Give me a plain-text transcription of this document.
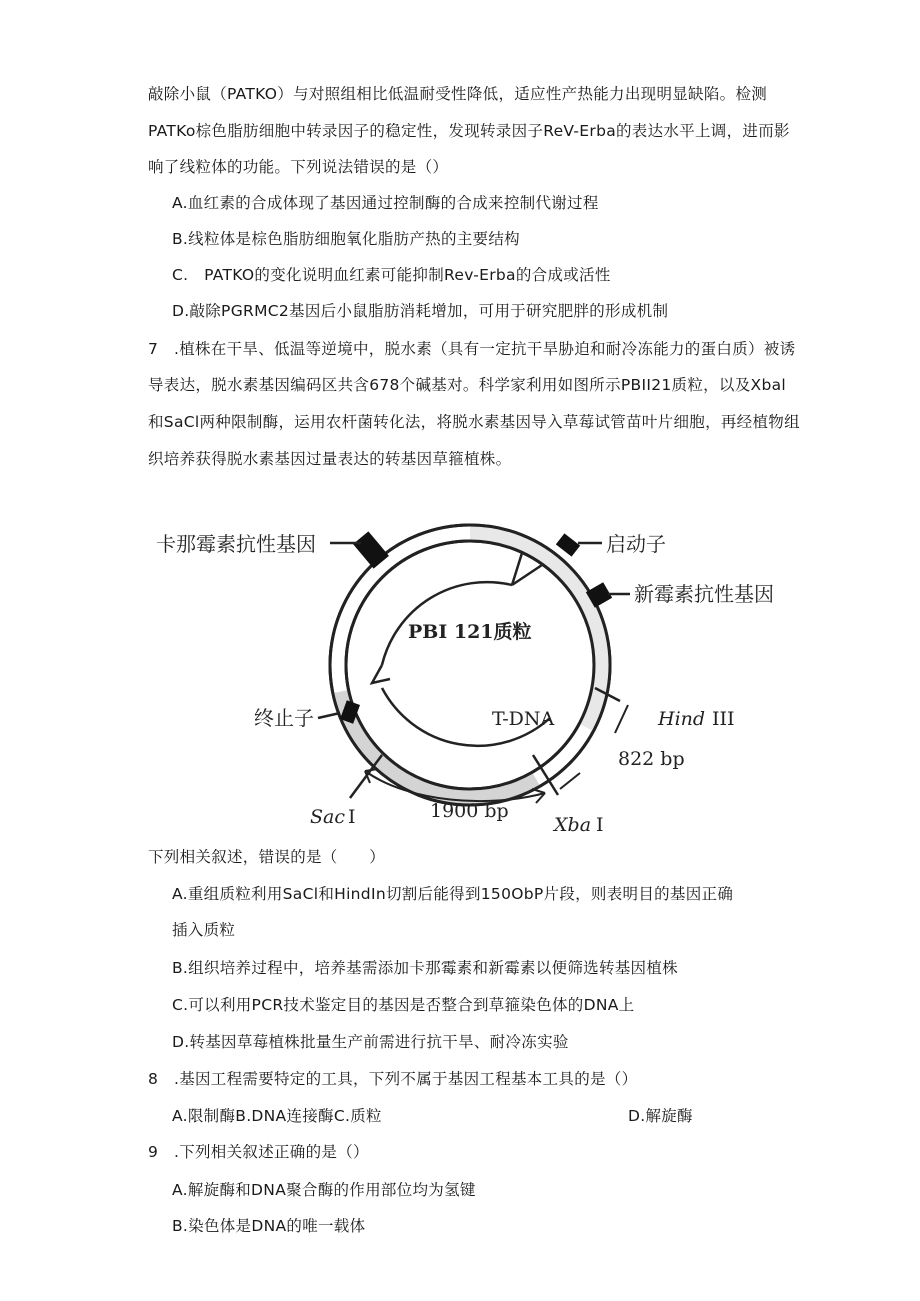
敲除小鼠（PATKO）与对照组相比低温耐受性降低，适应性产热能力出现明显缺陷。检测
PATKo棕色脂肪细胞中转录因子的稳定性，发现转录因子ReV-Erba的表达水平上调，进而影
响了线粒体的功能。下列说法错误的是（）
A.血红素的合成体现了基因通过控制酶的合成来控制代谢过程
B.线粒体是棕色脂肪细胞氧化脂肪产热的主要结构
C.　PATKO的变化说明血红素可能抑制Rev-Erba的合成或活性
D.敲除PGRMC2基因后小鼠脂肪消耗增加，可用于研究肥胖的形成机制
7　.植株在干旱、低温等逆境中，脱水素（具有一定抗干旱胁迫和耐冷冻能力的蛋白质）被诱
导表达，脱水素基因编码区共含678个碱基对。科学家利用如图所示PBII21质粒，以及Xbal
和SaCl两种限制酶，运用农杆菌转化法，将脱水素基因导入草莓试管苗叶片细胞，再经植物组
织培养获得脱水素基因过量表达的转基因草箍植株。
卡那霉素抗性基因	启动子
新霉素抗性基因
PBI 121质粒
终止子	T-DNA	Hind III
822 bp
Sac I	1900 bp
Xba I
下列相关叙述，错误的是（　　）
A.重组质粒利用SaCl和HindIn切割后能得到150ObP片段，则表明目的基因正确
插入质粒
B.组织培养过程中，培养基需添加卡那霉素和新霉素以便筛选转基因植株
C.可以利用PCR技术鉴定目的基因是否整合到草箍染色体的DNA上
D.转基因草莓植株批量生产前需进行抗干旱、耐冷冻实验
8　.基因工程需要特定的工具，下列不属于基因工程基本工具的是（）
A.限制酶B.DNA连接酶C.质粒	D.解旋酶
9　.下列相关叙述正确的是（）
A.解旋酶和DNA聚合酶的作用部位均为氢键
B.染色体是DNA的唯一载体
